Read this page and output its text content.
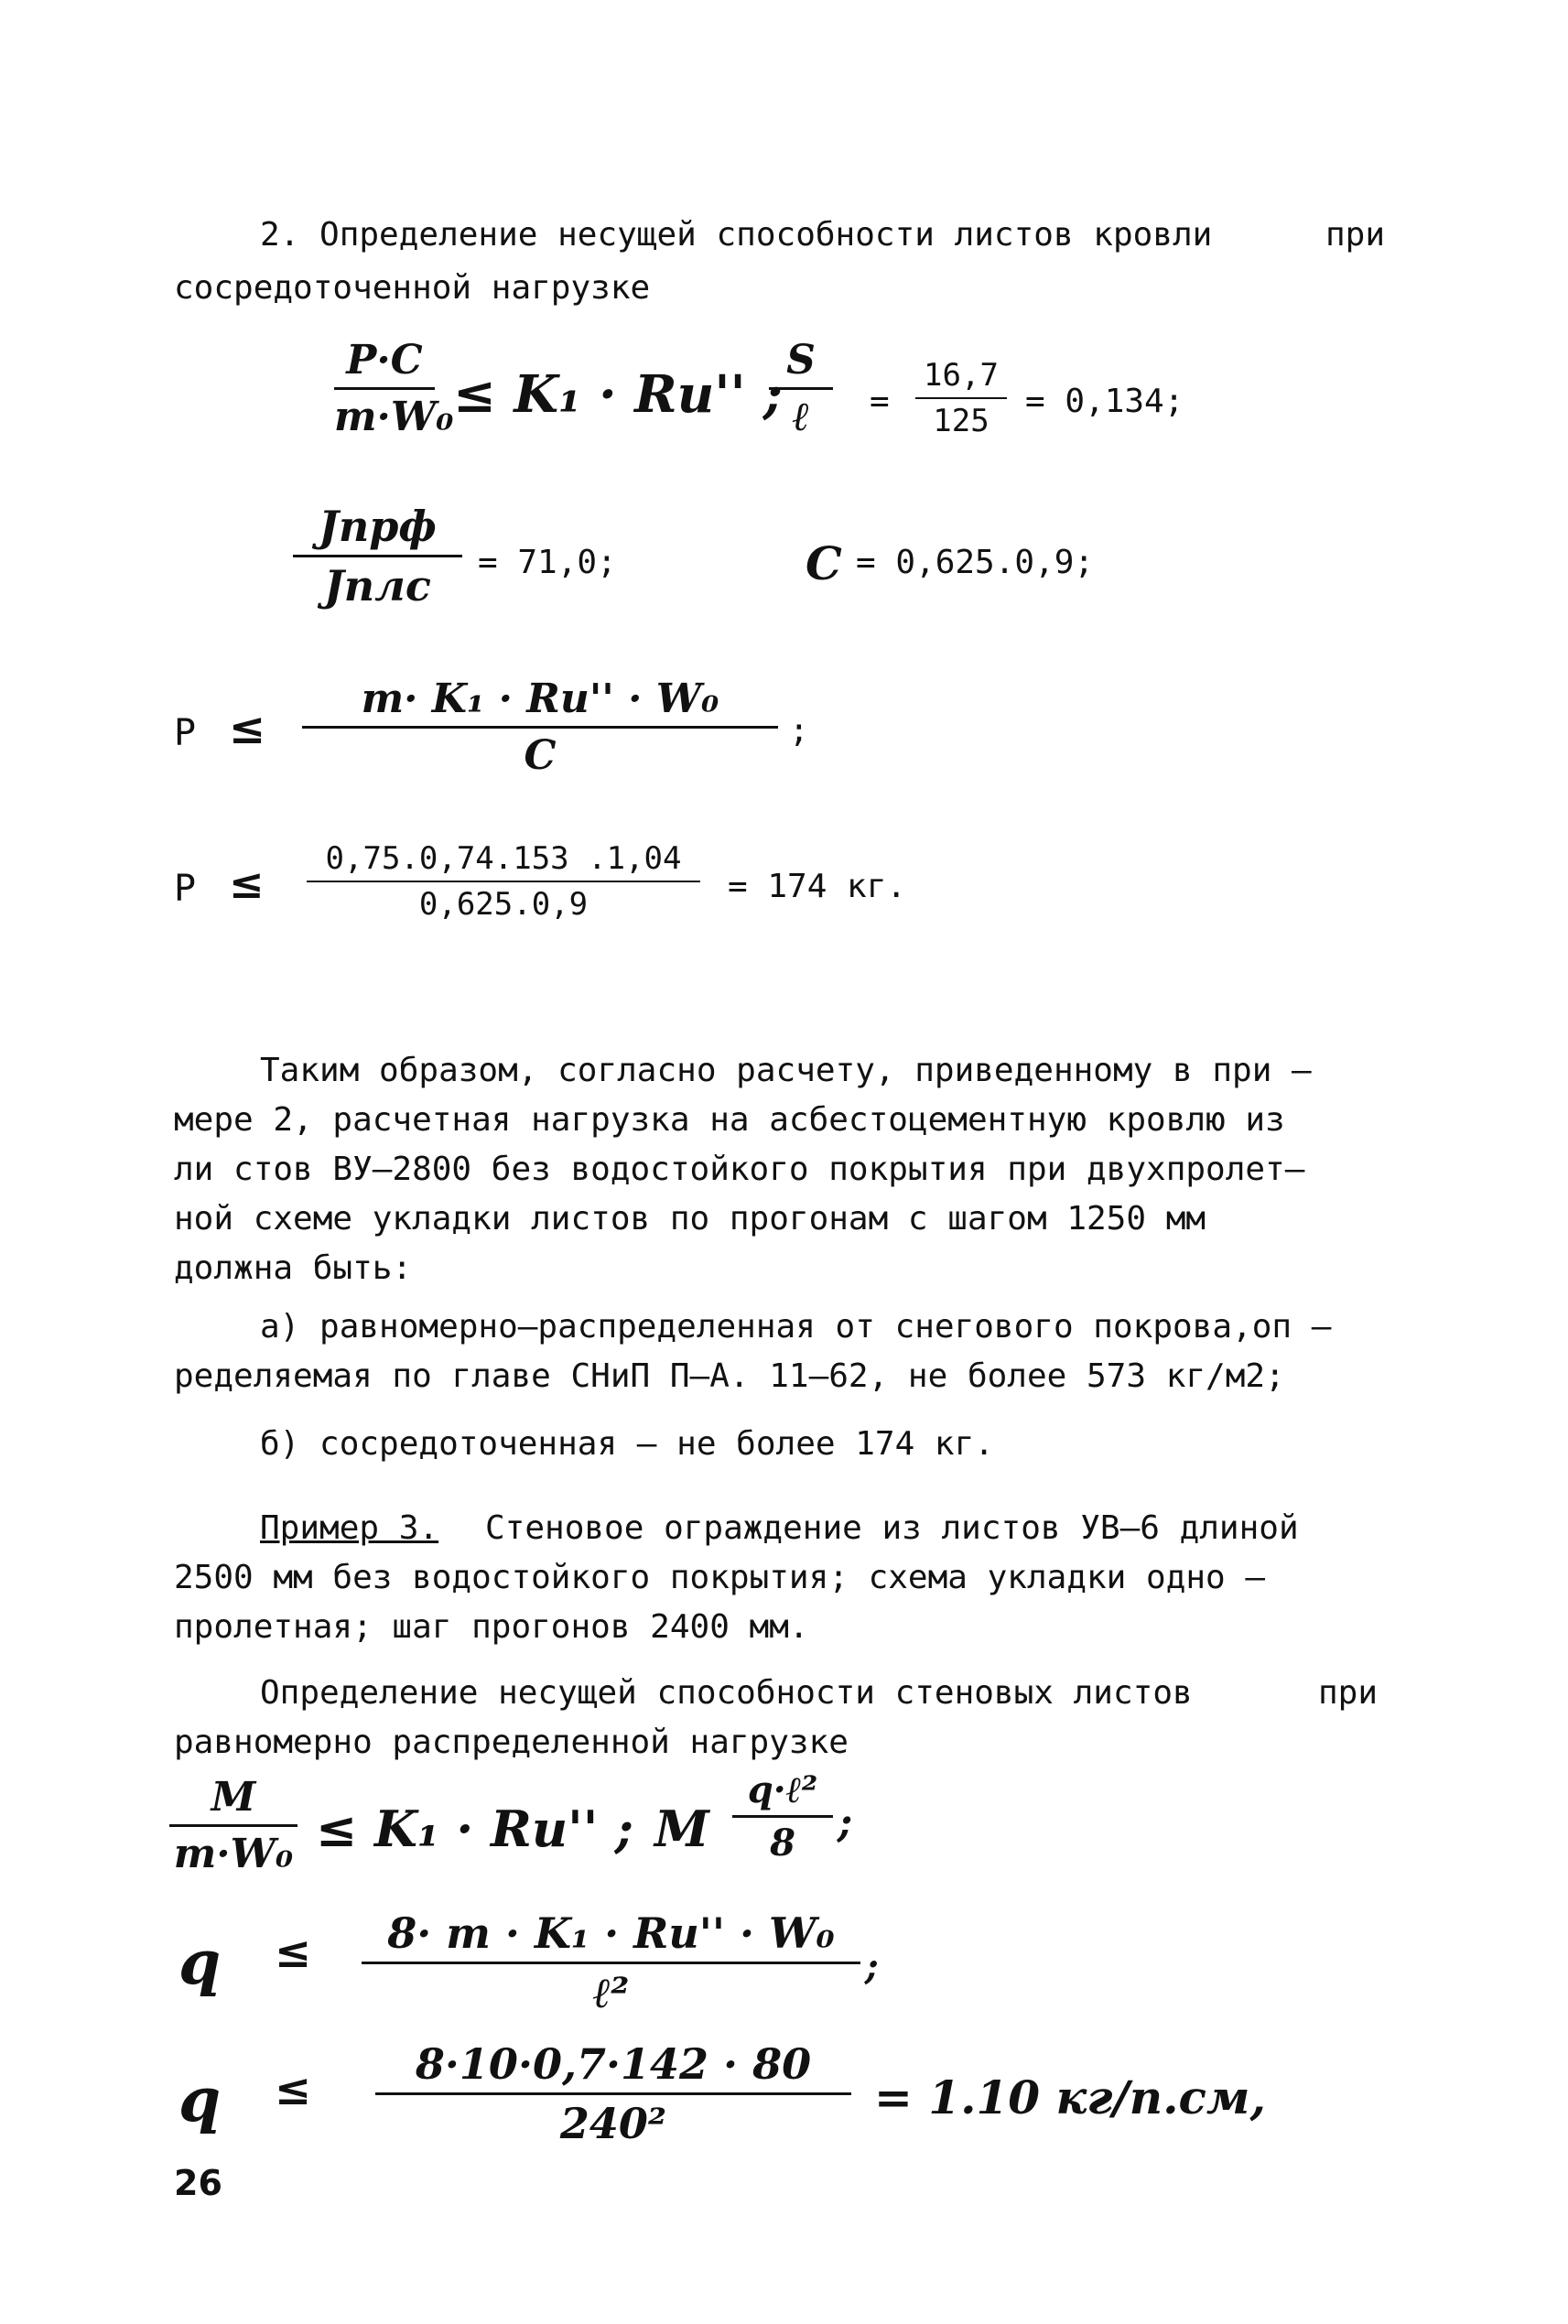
2. Определение несущей способности листов кровли	при
сосредоточенной нагрузке
P·C
m·W₀ ≤ K₁ · Rи'' ;
S
ℓ	=
16,7
125
= 0,134;
Jпрф
Jплс	= 71,0;	C = 0,625.0,9;
P ≤
m· K₁ · Rи'' · W₀
C
;
P ≤	0,75.0,74.153 .1,04
0,625.0,9	= 174 кг.
Таким образом, согласно расчету, приведенному в при –
мере 2, расчетная нагрузка на асбестоцементную кровлю из
ли стов ВУ–2800 без водостойкого покрытия при двухпролет–
ной схеме укладки листов по прогонам с шагом 1250 мм
должна быть:
а) равномерно–распределенная от снегового покрова,оп –
ределяемая по главе СНиП П–А. 11–62, не более 573 кг/м2;
б) сосредоточенная – не более 174 кг.
Пример 3. Стеновое ограждение из листов УВ–6 длиной
2500 мм без водостойкого покрытия; схема укладки одно –
пролетная; шаг прогонов 2400 мм.
Определение несущей способности стеновых листов	при
равномерно распределенной нагрузке
M
m·W₀ ≤ K₁ · Rи'' ; M
q·ℓ²
8	;
q ≤	8· m · K₁ · Rи'' · W₀
ℓ²
;
q ≤	8·10·0,7·142 · 80
240²	= 1.10 кг/п.см,
26
